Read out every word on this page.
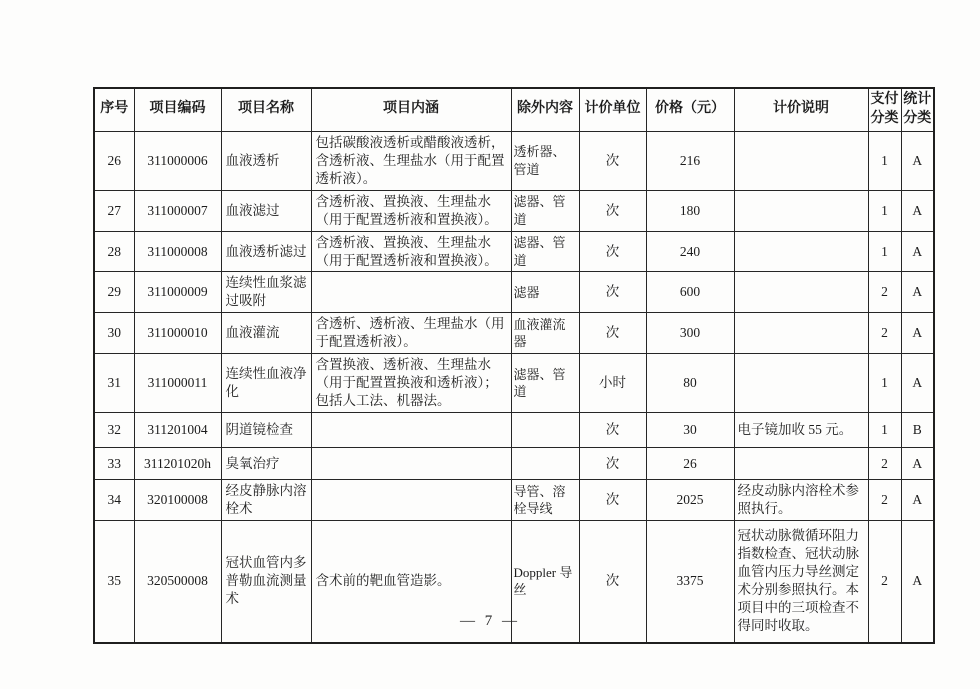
序号	项目编码	项目名称	项目内涵	除外内容	计价单位	价格（元）	计价说明	支付分类	统计分类
26	311000006	血液透析	包括碳酸液透析或醋酸液透析，含透析液、生理盐水（用于配置透析液）。	透析器、管道	次	216		1	A
27	311000007	血液滤过	含透析液、置换液、生理盐水（用于配置透析液和置换液）。	滤器、管道	次	180		1	A
28	311000008	血液透析滤过	含透析液、置换液、生理盐水（用于配置透析液和置换液）。	滤器、管道	次	240		1	A
29	311000009	连续性血浆滤过吸附		滤器	次	600		2	A
30	311000010	血液灌流	含透析、透析液、生理盐水（用于配置透析液）。	血液灌流器	次	300		2	A
31	311000011	连续性血液净化	含置换液、透析液、生理盐水（用于配置置换液和透析液）；包括人工法、机器法。	滤器、管道	小时	80		1	A
32	311201004	阴道镜检查			次	30	电子镜加收 55 元。	1	B
33	311201020h	臭氧治疗			次	26		2	A
34	320100008	经皮静脉内溶栓术		导管、溶栓导线	次	2025	经皮动脉内溶栓术参照执行。	2	A
35	320500008	冠状血管内多普勒血流测量术	含术前的靶血管造影。	Doppler 导丝	次	3375	冠状动脉微循环阻力指数检查、冠状动脉血管内压力导丝测定术分别参照执行。本项目中的三项检查不得同时收取。	2	A
— 7 —
